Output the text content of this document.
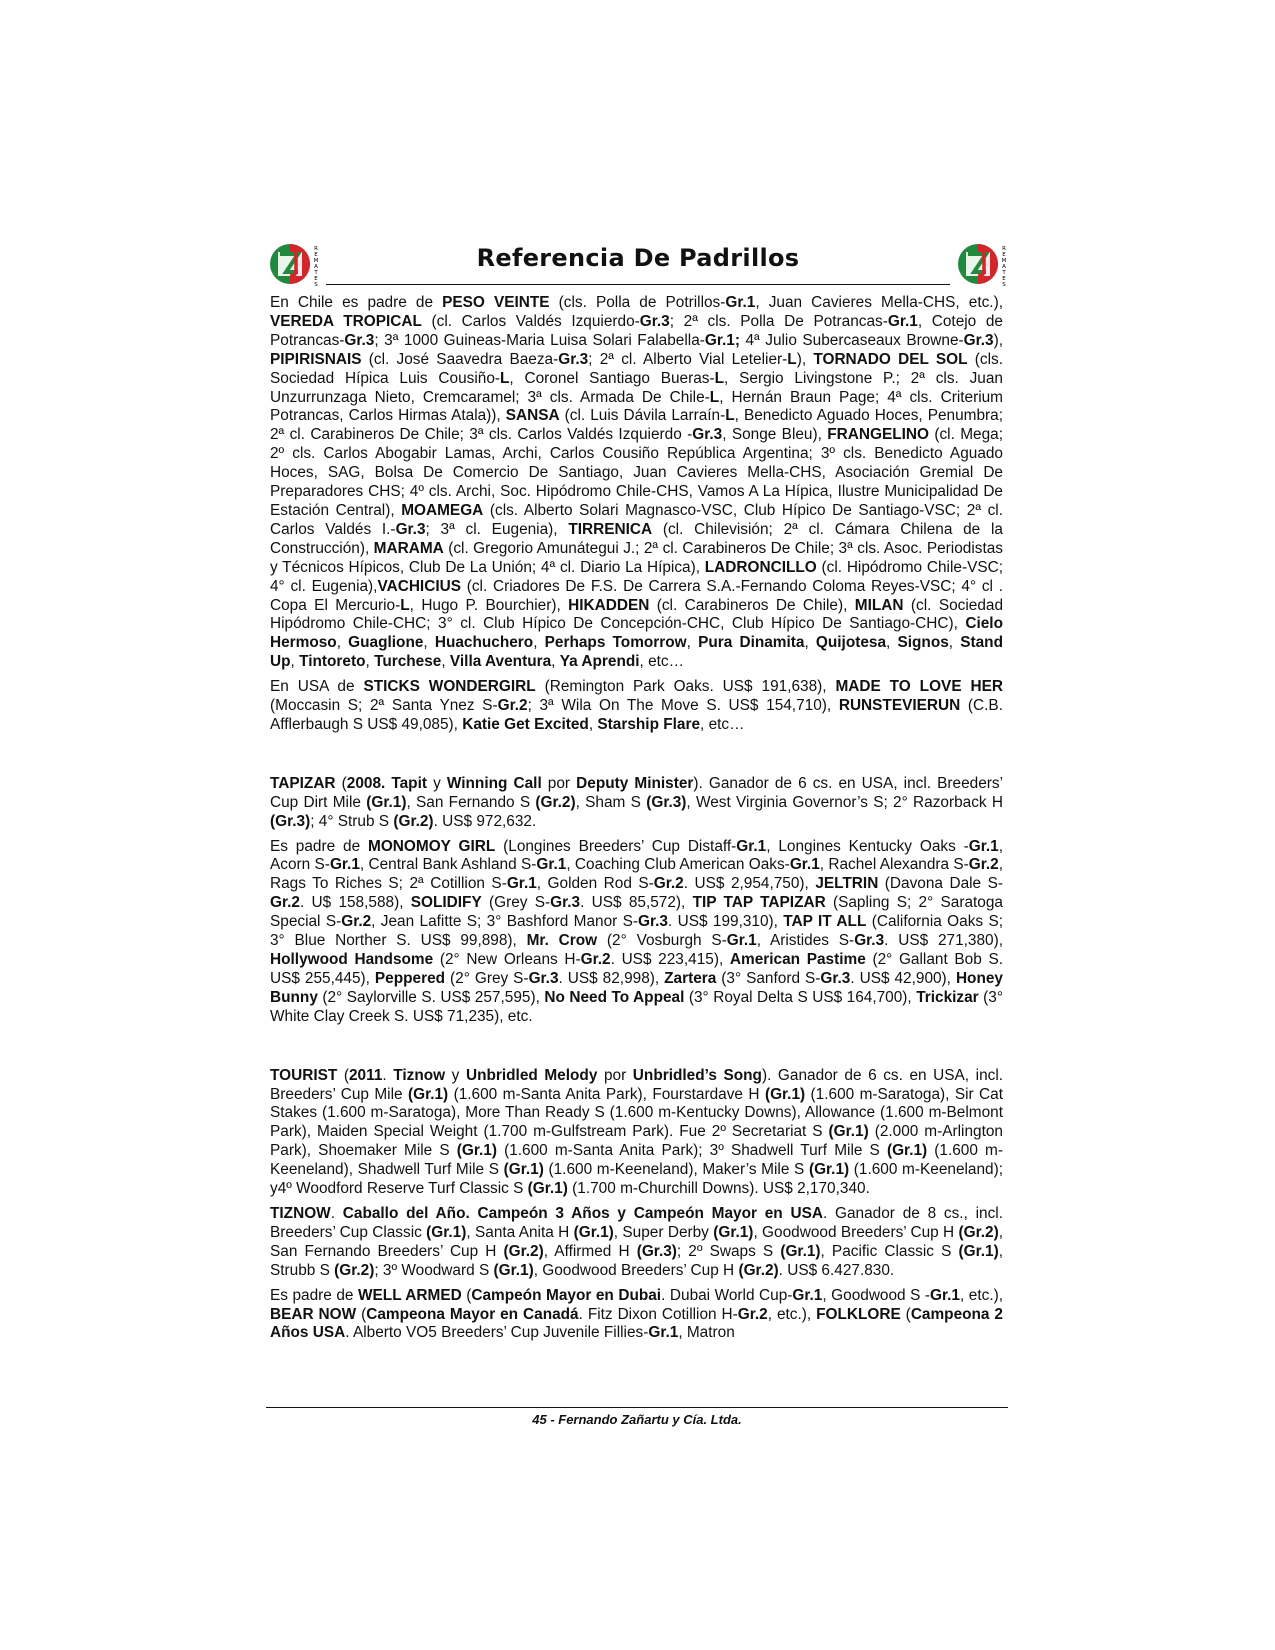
R
E
M
A
T
E
S
Referencia De Padrillos	R
E
M
A
T
E
S

En Chile es padre de PESO VEINTE (cls. Polla de Potrillos-Gr.1, Juan Cavieres Mella-CHS, etc.), VEREDA TROPICAL (cl. Carlos Valdés Izquierdo-Gr.3; 2ª cls. Polla De Potrancas-Gr.1, Cotejo de Potrancas-Gr.3; 3ª 1000 Guineas-Maria Luisa Solari Falabella-Gr.1; 4ª Julio Subercaseaux Browne-Gr.3), PIPIRISNAIS (cl. José Saavedra Baeza-Gr.3; 2ª cl. Alberto Vial Letelier-L), TORNADO DEL SOL (cls. Sociedad Hípica Luis Cousiño-L, Coronel Santiago Bueras-L, Sergio Livingstone P.; 2ª cls. Juan Unzurrunzaga Nieto, Cremcaramel; 3ª cls. Armada De Chile-L, Hernán Braun Page; 4ª cls. Criterium Potrancas, Carlos Hirmas Atala)), SANSA (cl. Luis Dávila Larraín-L, Benedicto Aguado Hoces, Penumbra; 2ª cl. Carabineros De Chile; 3ª cls. Carlos Valdés Izquierdo -Gr.3, Songe Bleu), FRANGELINO (cl. Mega; 2º cls. Carlos Abogabir Lamas, Archi, Carlos Cousiño República Argentina; 3º cls. Benedicto Aguado Hoces, SAG, Bolsa De Comercio De Santiago, Juan Cavieres Mella-CHS, Asociación Gremial De Preparadores CHS; 4º cls. Archi, Soc. Hipódromo Chile-CHS, Vamos A La Hípica, Ilustre Municipalidad De Estación Central), MOAMEGA (cls. Alberto Solari Magnasco-VSC, Club Hípico De Santiago-VSC; 2ª cl. Carlos Valdés I.-Gr.3; 3ª cl. Eugenia), TIRRENICA (cl. Chilevisión; 2ª cl. Cámara Chilena de la Construcción), MARAMA (cl. Gregorio Amunátegui J.; 2ª cl. Carabineros De Chile; 3ª cls. Asoc. Periodistas y Técnicos Hípicos, Club De La Unión; 4ª cl. Diario La Hípica), LADRONCILLO (cl. Hipódromo Chile-VSC; 4° cl. Eugenia),VACHICIUS (cl. Criadores De F.S. De Carrera S.A.-Fernando Coloma Reyes-VSC; 4° cl . Copa El Mercurio-L, Hugo P. Bourchier), HIKADDEN (cl. Carabineros De Chile), MILAN (cl. Sociedad Hipódromo Chile-CHC; 3° cl. Club Hípico De Concepción-CHC, Club Hípico De Santiago-CHC), Cielo Hermoso, Guaglione, Huachuchero, Perhaps Tomorrow, Pura Dinamita, Quijotesa, Signos, Stand Up, Tintoreto, Turchese, Villa Aventura, Ya Aprendi, etc…

En USA de STICKS WONDERGIRL (Remington Park Oaks. US$ 191,638), MADE TO LOVE HER (Moccasin S; 2ª Santa Ynez S-Gr.2; 3ª Wila On The Move S. US$ 154,710), RUNSTEVIERUN (C.B. Afflerbaugh S US$ 49,085), Katie Get Excited, Starship Flare, etc…

TAPIZAR (2008. Tapit y Winning Call por Deputy Minister). Ganador de 6 cs. en USA, incl. Breeders’ Cup Dirt Mile (Gr.1), San Fernando S (Gr.2), Sham S (Gr.3), West Virginia Governor’s S; 2° Razorback H (Gr.3); 4° Strub S (Gr.2). US$ 972,632.

Es padre de MONOMOY GIRL (Longines Breeders’ Cup Distaff-Gr.1, Longines Kentucky Oaks -Gr.1, Acorn S-Gr.1, Central Bank Ashland S-Gr.1, Coaching Club American Oaks-Gr.1, Rachel Alexandra S-Gr.2, Rags To Riches S; 2ª Cotillion S-Gr.1, Golden Rod S-Gr.2. US$ 2,954,750), JELTRIN (Davona Dale S-Gr.2. U$ 158,588), SOLIDIFY (Grey S-Gr.3. US$ 85,572), TIP TAP TAPIZAR (Sapling S; 2° Saratoga Special S-Gr.2, Jean Lafitte S; 3° Bashford Manor S-Gr.3. US$ 199,310), TAP IT ALL (California Oaks S; 3° Blue Norther S. US$ 99,898), Mr. Crow (2° Vosburgh S-Gr.1, Aristides S-Gr.3. US$ 271,380), Hollywood Handsome (2° New Orleans H-Gr.2. US$ 223,415), American Pastime (2° Gallant Bob S. US$ 255,445), Peppered (2° Grey S-Gr.3. US$ 82,998), Zartera (3° Sanford S-Gr.3. US$ 42,900), Honey Bunny (2° Saylorville S. US$ 257,595), No Need To Appeal (3° Royal Delta S US$ 164,700), Trickizar (3° White Clay Creek S. US$ 71,235), etc.

TOURIST (2011. Tiznow y Unbridled Melody por Unbridled’s Song). Ganador de 6 cs. en USA, incl. Breeders’ Cup Mile (Gr.1) (1.600 m-Santa Anita Park), Fourstardave H (Gr.1) (1.600 m-Saratoga), Sir Cat Stakes (1.600 m-Saratoga), More Than Ready S (1.600 m-Kentucky Downs), Allowance (1.600 m-Belmont Park), Maiden Special Weight (1.700 m-Gulfstream Park). Fue 2º Secretariat S (Gr.1) (2.000 m-Arlington Park), Shoemaker Mile S (Gr.1) (1.600 m-Santa Anita Park); 3º Shadwell Turf Mile S (Gr.1) (1.600 m-Keeneland), Shadwell Turf Mile S (Gr.1) (1.600 m-Keeneland), Maker’s Mile S (Gr.1) (1.600 m-Keeneland); y4º Woodford Reserve Turf Classic S (Gr.1) (1.700 m-Churchill Downs). US$ 2,170,340.

TIZNOW. Caballo del Año. Campeón 3 Años y Campeón Mayor en USA. Ganador de 8 cs., incl. Breeders’ Cup Classic (Gr.1), Santa Anita H (Gr.1), Super Derby (Gr.1), Goodwood Breeders’ Cup H (Gr.2), San Fernando Breeders’ Cup H (Gr.2), Affirmed H (Gr.3); 2º Swaps S (Gr.1), Pacific Classic S (Gr.1), Strubb S (Gr.2); 3º Woodward S (Gr.1), Goodwood Breeders’ Cup H (Gr.2). US$ 6.427.830.

Es padre de WELL ARMED (Campeón Mayor en Dubai. Dubai World Cup-Gr.1, Goodwood S -Gr.1, etc.), BEAR NOW (Campeona Mayor en Canadá. Fitz Dixon Cotillion H-Gr.2, etc.), FOLKLORE (Campeona 2 Años USA. Alberto VO5 Breeders’ Cup Juvenile Fillies-Gr.1, Matron

45 - Fernando Zañartu y Cía. Ltda.
